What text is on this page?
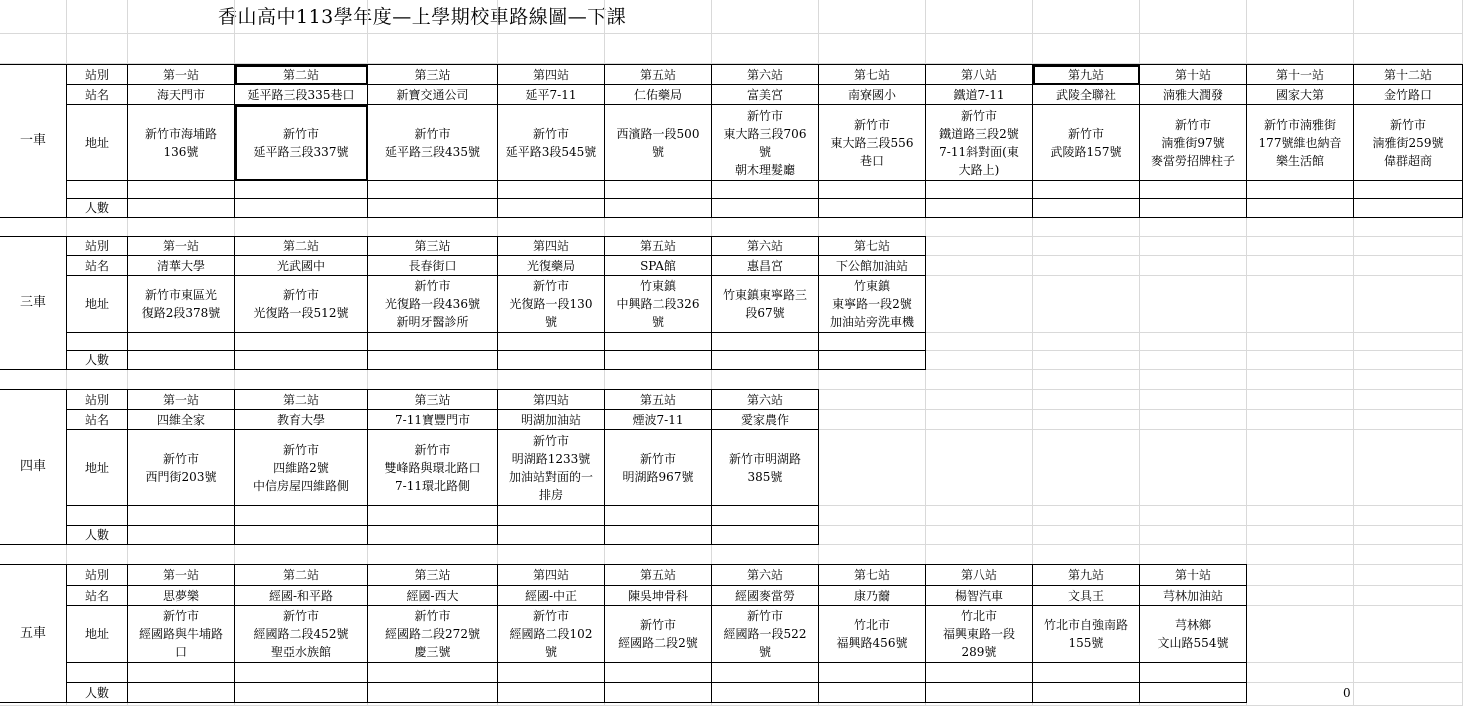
香山高中113學年度—上學期校車路線圖—下課
一車
站別
站名
地址
人數
第一站
海天門市
新竹市海埔路
136號
第二站
延平路三段335巷口
新竹市
延平路三段337號
第三站
新寶交通公司
新竹市
延平路三段435號
第四站
延平7-11
新竹市
延平路3段545號
第五站
仁佑藥局
西濱路一段500
號
第六站
富美宮
新竹市
東大路三段706
號
朝木理髮廳
第七站
南寮國小
新竹市
東大路三段556
巷口
第八站
鐵道7-11
新竹市
鐵道路三段2號
7-11斜對面(東
大路上)
第九站
武陵全聯社
新竹市
武陵路157號
第十站
湳雅大潤發
新竹市
湳雅街97號
麥當勞招牌柱子
第十一站
國家大第
新竹市湳雅街
177號維也納音
樂生活館
第十二站
金竹路口
新竹市
湳雅街259號
偉群超商
三車
站別
站名
地址
人數
第一站
清華大學
新竹市東區光
復路2段378號
第二站
光武國中
新竹市
光復路一段512號
第三站
長春街口
新竹市
光復路一段436號
新明牙醫診所
第四站
光復藥局
新竹市
光復路一段130
號
第五站
SPA館
竹東鎮
中興路二段326
號
第六站
惠昌宮
竹東鎮東寧路三
段67號
第七站
下公館加油站
竹東鎮
東寧路一段2號
加油站旁洗車機
四車
站別
站名
地址
人數
第一站
四維全家
新竹市
西門街203號
第二站
教育大學
新竹市
四維路2號
中信房屋四維路側
第三站
7-11寶豐門市
新竹市
雙峰路與環北路口
7-11環北路側
第四站
明湖加油站
新竹市
明湖路1233號
加油站對面的一
排房
第五站
煙波7-11
新竹市
明湖路967號
第六站
愛家農作
新竹市明湖路
385號
五車
站別
站名
地址
人數
第一站
思夢樂
新竹市
經國路與牛埔路
口
第二站
經國-和平路
新竹市
經國路二段452號
聖亞水族館
第三站
經國-西大
新竹市
經國路二段272號
慶三號
第四站
經國-中正
新竹市
經國路二段102
號
第五站
陳吳坤骨科
新竹市
經國路二段2號
第六站
經國麥當勞
新竹市
經國路一段522
號
第七站
康乃薾
竹北市
福興路456號
第八站
楊智汽車
竹北市
福興東路一段
289號
第九站
文具王
竹北市自強南路
155號
第十站
芎林加油站
芎林鄉
文山路554號
0
